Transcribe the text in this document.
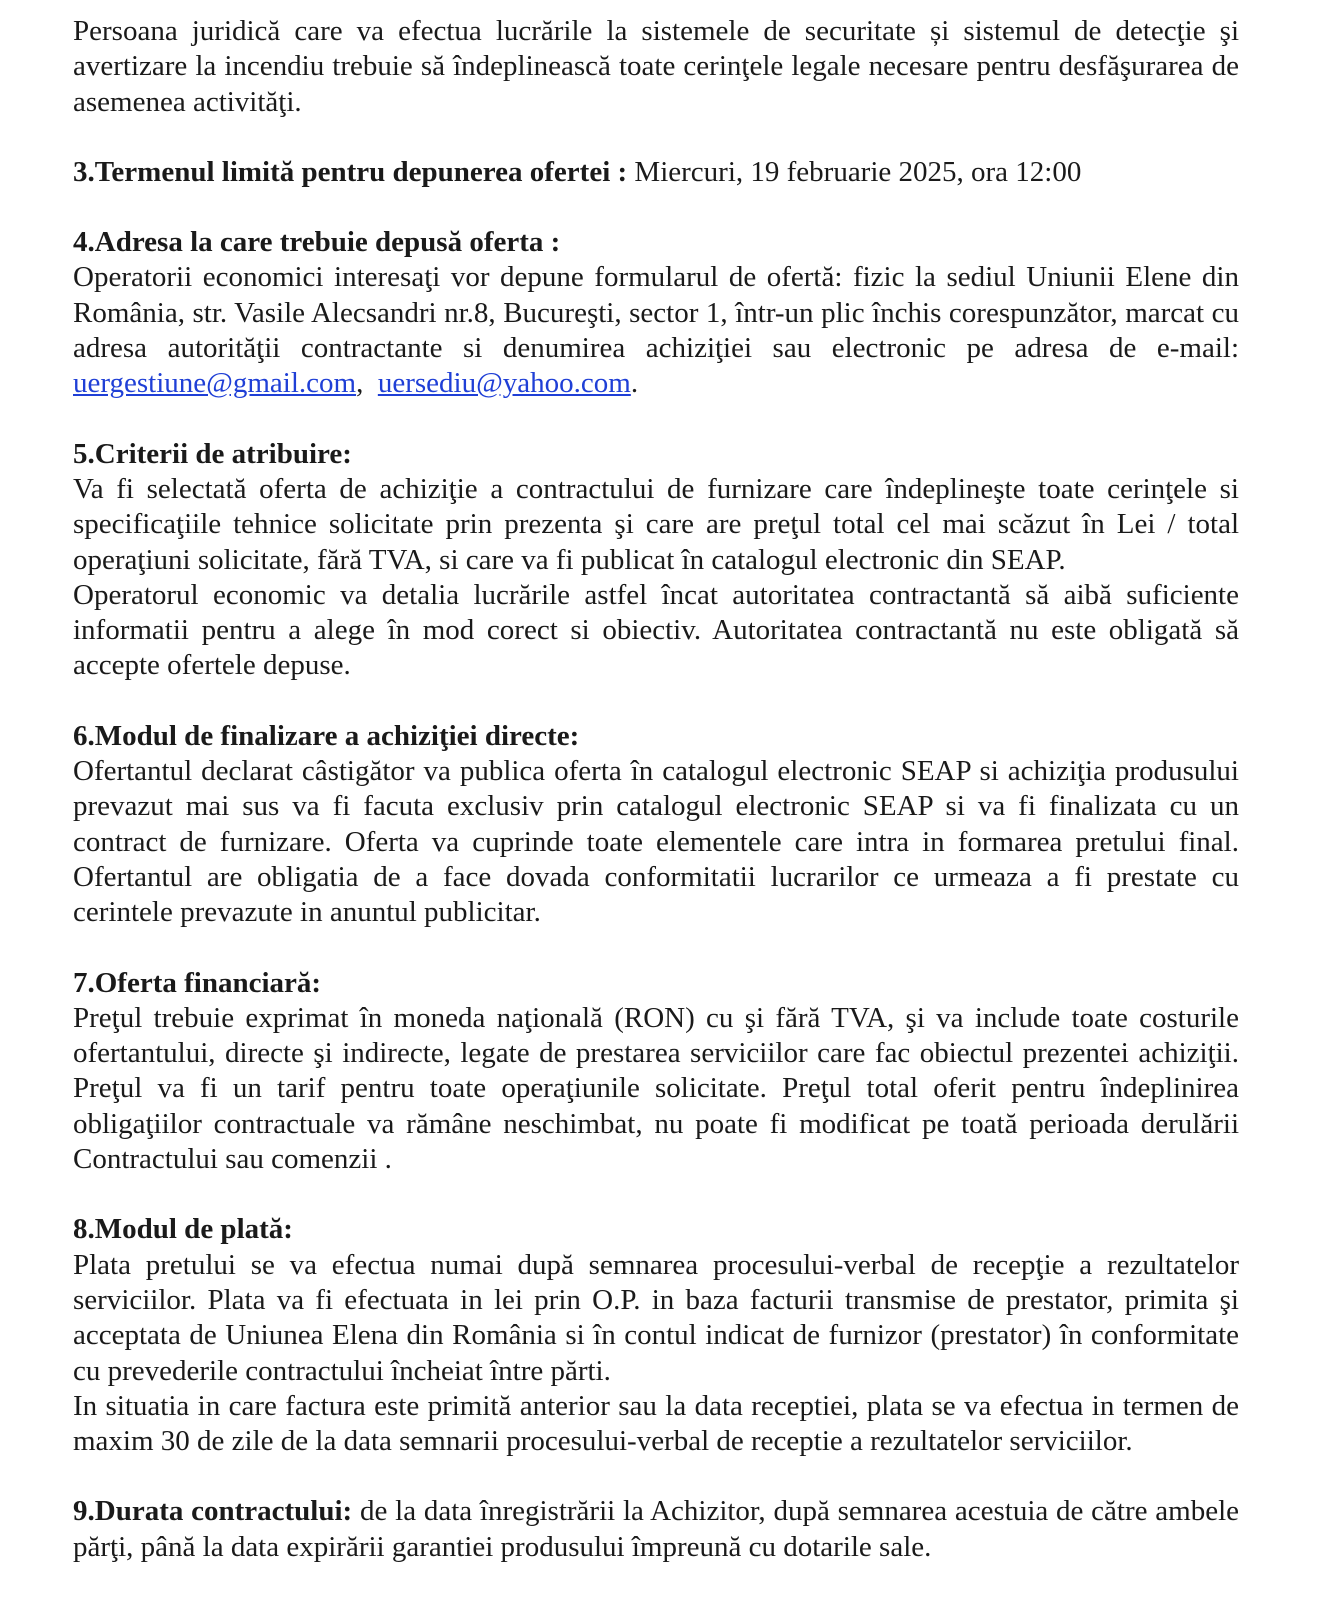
Persoana juridică care va efectua lucrările la sistemele de securitate și sistemul de detecţie şi avertizare la incendiu trebuie să îndeplinească toate cerinţele legale necesare pentru desfăşurarea de asemenea activităţi.

3.Termenul limită pentru depunerea ofertei : Miercuri, 19 februarie 2025, ora 12:00

4.Adresa la care trebuie depusă oferta :

Operatorii economici interesaţi vor depune formularul de ofertă: fizic la sediul Uniunii Elene din România, str. Vasile Alecsandri nr.8, Bucureşti, sector 1, într-un plic închis corespunzător, marcat cu adresa autorităţii contractante si denumirea achiziţiei sau electronic pe adresa de e-mail: uergestiune@gmail.com,  uersediu@yahoo.com.

5.Criterii de atribuire:

Va fi selectată oferta de achiziţie a contractului de furnizare care îndeplineşte toate cerinţele si specificaţiile tehnice solicitate prin prezenta şi care are preţul total cel mai scăzut în Lei / total operaţiuni solicitate, fără TVA, si care va fi publicat în catalogul electronic din SEAP.

Operatorul economic va detalia lucrările astfel încat autoritatea contractantă să aibă suficiente informatii pentru a alege în mod corect si obiectiv. Autoritatea contractantă nu este obligată să accepte ofertele depuse.

6.Modul de finalizare a achiziţiei directe:

Ofertantul declarat câstigător va publica oferta în catalogul electronic SEAP si achiziţia produsului prevazut mai sus va fi facuta exclusiv prin catalogul electronic SEAP si va fi finalizata cu un contract de furnizare. Oferta va cuprinde toate elementele care intra in formarea pretului final. Ofertantul are obligatia de a face dovada conformitatii lucrarilor ce urmeaza a fi prestate cu cerintele prevazute in anuntul publicitar.

7.Oferta financiară:

Preţul trebuie exprimat în moneda naţională (RON) cu şi fără TVA, şi va include toate costurile ofertantului, directe şi indirecte, legate de prestarea serviciilor care fac obiectul prezentei achiziţii. Preţul va fi un tarif pentru toate operaţiunile solicitate. Preţul total oferit pentru îndeplinirea obligaţiilor contractuale va rămâne neschimbat, nu poate fi modificat pe toată perioada derulării Contractului sau comenzii .

8.Modul de plată:

Plata pretului se va efectua numai după semnarea procesului-verbal de recepţie a rezultatelor serviciilor. Plata va fi efectuata in lei prin O.P. in baza facturii transmise de prestator, primita şi acceptata de Uniunea Elena din România si în contul indicat de furnizor (prestator) în conformitate cu prevederile contractului încheiat între părti.

In situatia in care factura este primită anterior sau la data receptiei, plata se va efectua in termen de maxim 30 de zile de la data semnarii procesului-verbal de receptie a rezultatelor serviciilor.

9.Durata contractului: de la data înregistrării la Achizitor, după semnarea acestuia de către ambele părţi, până la data expirării garantiei produsului împreună cu dotarile sale.
